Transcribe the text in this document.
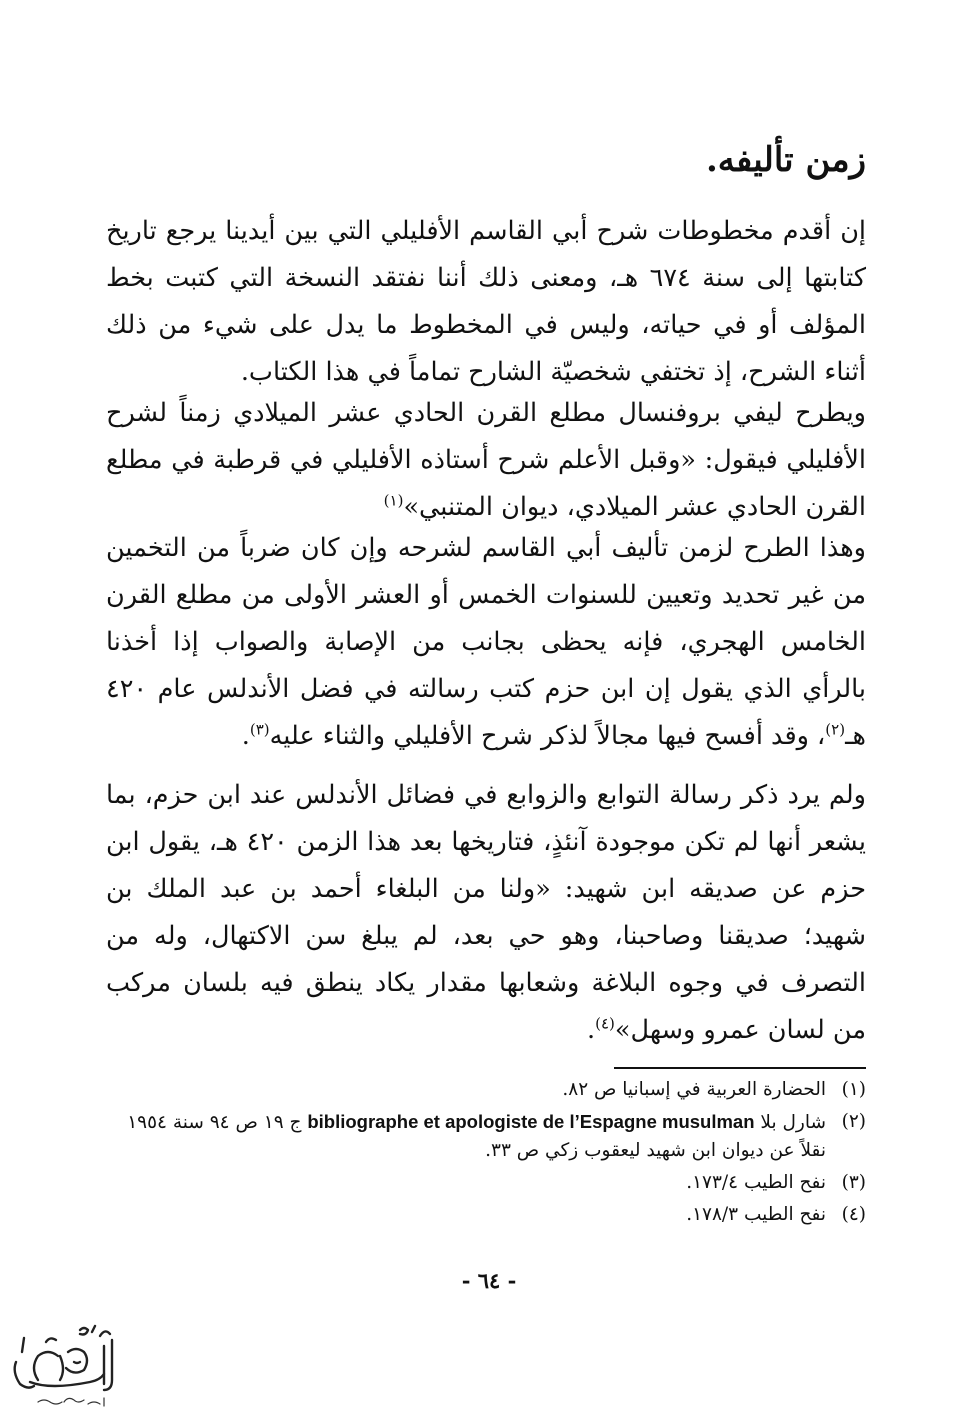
زمن تأليفه.

إن أقدم مخطوطات شرح أبي القاسم الأفليلي التي بين أيدينا يرجع تاريخ كتابتها إلى سنة ٦٧٤ هـ، ومعنى ذلك أننا نفتقد النسخة التي كتبت بخط المؤلف أو في حياته، وليس في المخطوط ما يدل على شيء من ذلك أثناء الشرح، إذ تختفي شخصيّة الشارح تماماً في هذا الكتاب.

ويطرح ليفي بروفنسال مطلع القرن الحادي عشر الميلادي زمناً لشرح الأفليلي فيقول: «وقبل الأعلم شرح أستاذه الأفليلي في قرطبة في مطلع القرن الحادي عشر الميلادي، ديوان المتنبي»$^{(١)}$

وهذا الطرح لزمن تأليف أبي القاسم لشرحه وإن كان ضرباً من التخمين من غير تحديد وتعيين للسنوات الخمس أو العشر الأولى من مطلع القرن الخامس الهجري، فإنه يحظى بجانب من الإصابة والصواب إذا أخذنا بالرأي الذي يقول إن ابن حزم كتب رسالته في فضل الأندلس عام ٤٢٠ هـ$^{(٢)}$، وقد أفسح فيها مجالاً لذكر شرح الأفليلي والثناء عليه$^{(٣)}$.

ولم يرد ذكر رسالة التوابع والزوابع في فضائل الأندلس عند ابن حزم، بما يشعر أنها لم تكن موجودة آنئذٍ، فتاريخها بعد هذا الزمن ٤٢٠ هـ، يقول ابن حزم عن صديقه ابن شهيد: «ولنا من البلغاء أحمد بن عبد الملك بن شهيد؛ صديقنا وصاحبنا، وهو حي بعد، لم يبلغ سن الاكتهال، وله من التصرف في وجوه البلاغة وشعابها مقدار يكاد ينطق فيه بلسان مركب من لسان عمرو وسهل»$^{(٤)}$.

(١)
الحضارة العربية في إسبانيا ص ٨٢.
(٢)
شارل بلا bibliographe et apologiste de l’Espagne musulman ج ١٩ ص ٩٤ سنة ١٩٥٤ نقلاً عن ديوان ابن شهيد ليعقوب زكي ص ٣٣.
(٣)
نفح الطيب ١٧٣/٤.
(٤)
نفح الطيب ١٧٨/٣.
- ٦٤ -
